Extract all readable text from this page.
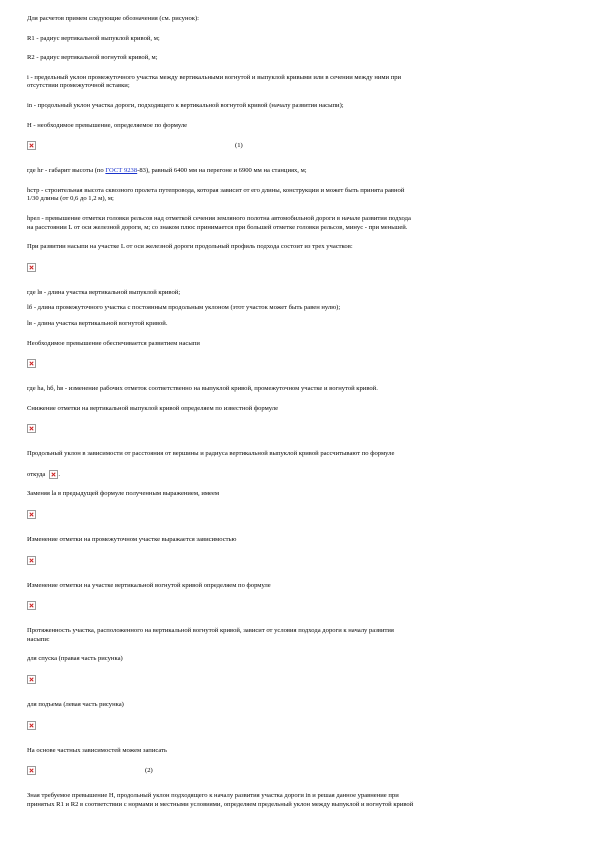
Для расчетов примем следующие обозначения (см. рисунок):

R1 - радиус вертикальной выпуклой кривой, м;

R2 - радиус вертикальной вогнутой кривой, м;

i - предельный уклон промежуточного участка между вертикальными вогнутой и выпуклой кривыми или в сечении между ними при
отсутствии промежуточной вставки;

in - продольный уклон участка дороги, подходящего к вертикальной вогнутой кривой (началу развития насыпи);

H - необходимое превышение, определяемое по формуле

(1)

где hг - габарит высоты (по ГОСТ 9238-83), равный 6400 мм на перегоне и 6900 мм на станциях, м;

hстр - строительная высота сквозного пролета путепровода, которая зависит от его длины, конструкции и может быть принята равной
1/30 длины (от 0,6 до 1,2 м), м;

hрел - превышение отметки головки рельсов над отметкой сечения земляного полотна автомобильной дороги в начале развития подхода
на расстоянии L от оси железной дороги, м; со знаком плюс принимается при большей отметке головки рельсов, минус - при меньшей.

При развитии насыпи на участке L от оси железной дороги продольный профиль подхода состоит из трех участков:

где lв - длина участка вертикальной выпуклой кривой;

lб - длина промежуточного участка с постоянным продольным уклоном (этот участок может быть равен нулю);

lв - длина участка вертикальной вогнутой кривой.

Необходимое превышение обеспечивается развитием насыпи

где hа, hб, hв - изменение рабочих отметок соответственно на выпуклой кривой, промежуточном участке и вогнутой кривой.

Снижение отметки на вертикальной выпуклой кривой определяем по известной формуле

Продольный уклон в зависимости от расстояния от вершины и радиуса вертикальной выпуклой кривой рассчитывают по формуле

откуда .

Заменяя lа в предыдущей формуле полученным выражением, имеем

Изменение отметки на промежуточном участке выражается зависимостью

Изменение отметки на участке вертикальной вогнутой кривой определяем по формуле

Протяженность участка, расположенного на вертикальной вогнутой кривой, зависит от условия подхода дороги к началу развития
насыпи:

для спуска (правая часть рисунка)

для подъема (левая часть рисунка)

На основе частных зависимостей можем записать

(2)

Зная требуемое превышение H, продольный уклон подходящего к началу развития участка дороги in и решая данное уравнение при
принятых R1 и R2 в соответствии с нормами и местными условиями, определяем предельный уклон между выпуклой и вогнутой кривой
